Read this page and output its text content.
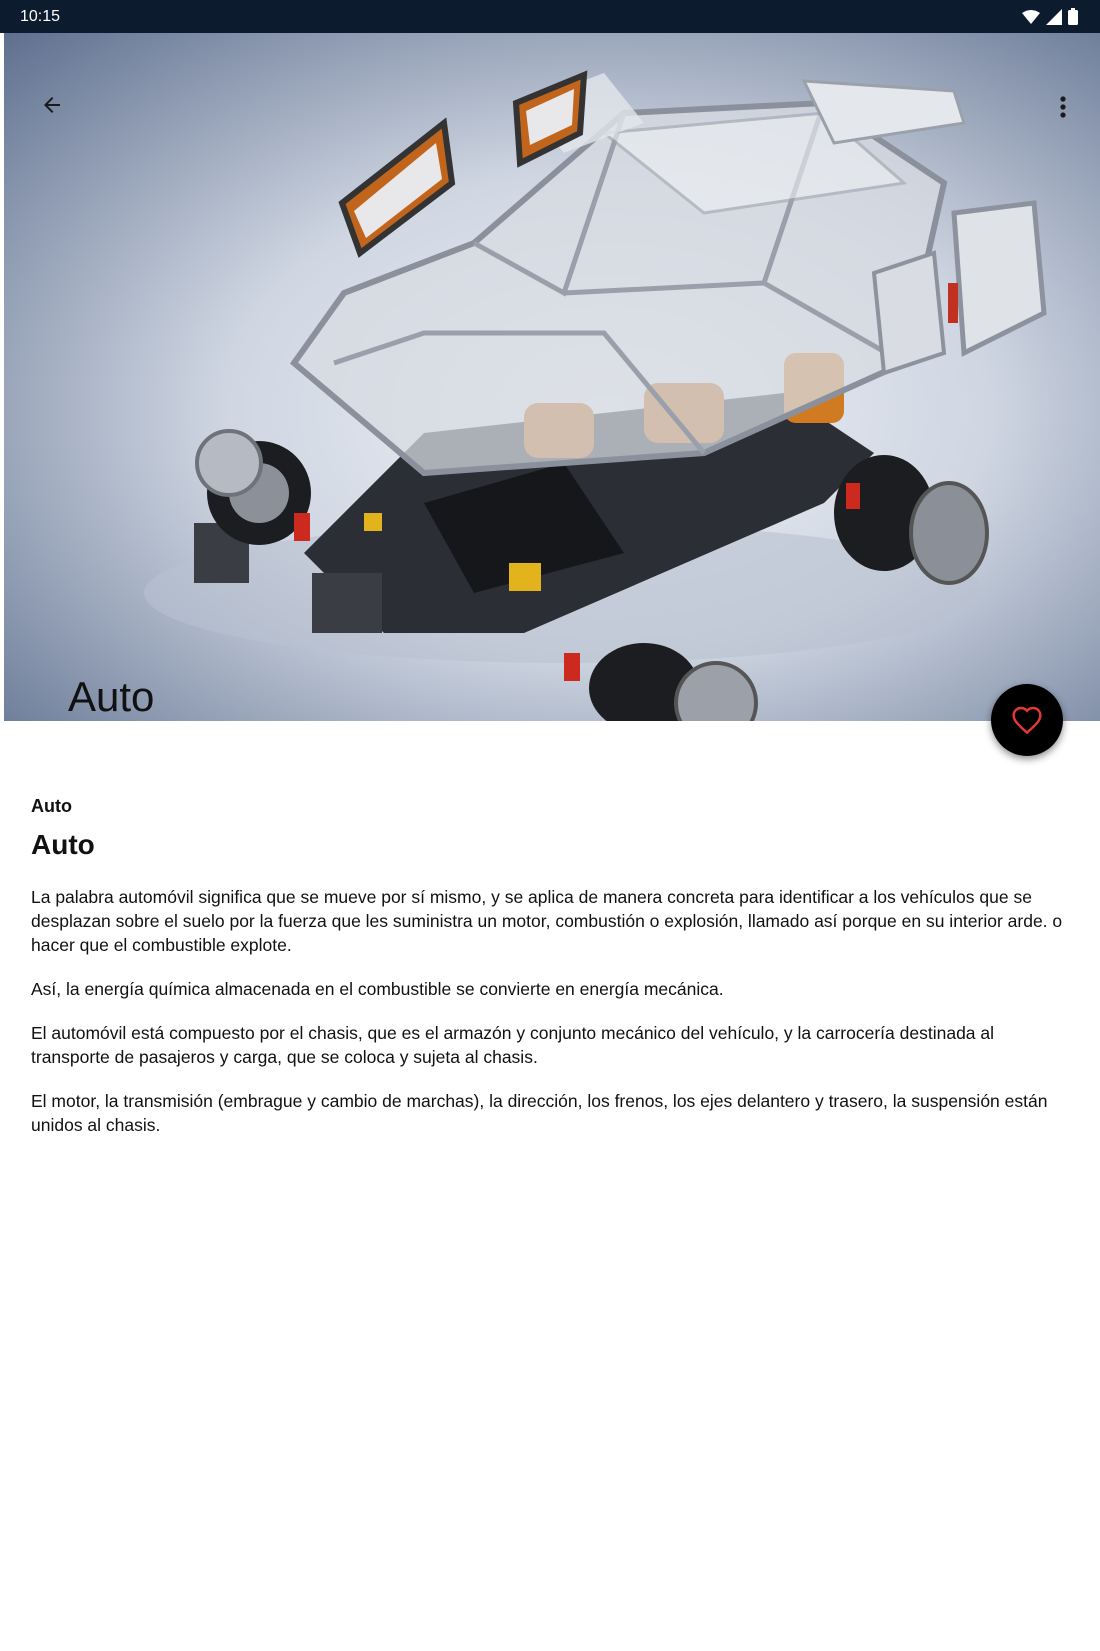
10:15
Auto
Auto
Auto

La palabra automóvil significa que se mueve por sí mismo, y se aplica de manera concreta para identificar a los vehículos que se desplazan sobre el suelo por la fuerza que les suministra un motor, combustión o explosión, llamado así porque en su interior arde. o hacer que el combustible explote.

Así, la energía química almacenada en el combustible se convierte en energía mecánica.

El automóvil está compuesto por el chasis, que es el armazón y conjunto mecánico del vehículo, y la carrocería destinada al transporte de pasajeros y carga, que se coloca y sujeta al chasis.

El motor, la transmisión (embrague y cambio de marchas), la dirección, los frenos, los ejes delantero y trasero, la suspensión están unidos al chasis.
